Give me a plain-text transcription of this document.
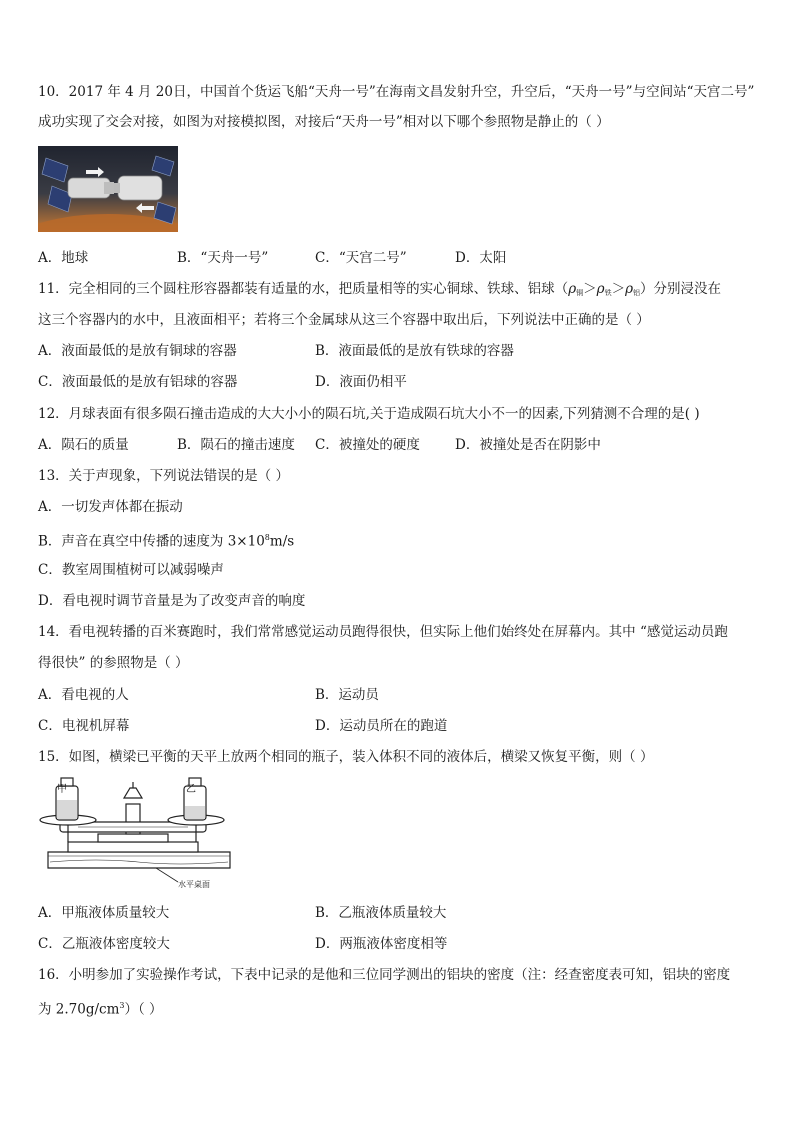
10．2017 年 4 月 20日，中国首个货运飞船“天舟一号”在海南文昌发射升空，升空后，“天舟一号”与空间站“天宫二号”
成功实现了交会对接，如图为对接模拟图，对接后“天舟一号”相对以下哪个参照物是静止的（ ）
A．地球	B．“天舟一号”	C．“天宫二号”	D．太阳
11．完全相同的三个圆柱形容器都装有适量的水，把质量相等的实心铜球、铁球、铝球$(\rho_铜>\rho_铁>\rho_铝)$分别浸没在
这三个容器内的水中，且液面相平；若将三个金属球从这三个容器中取出后，下列说法中正确的是（ ）
A．液面最低的是放有铜球的容器	B．液面最低的是放有铁球的容器
C．液面最低的是放有铝球的容器	D．液面仍相平
12．月球表面有很多陨石撞击造成的大大小小的陨石坑,关于造成陨石坑大小不一的因素,下列猜测不合理的是( )
A．陨石的质量	B．陨石的撞击速度 C．被撞处的硬度	D．被撞处是否在阴影中
13．关于声现象，下列说法错误的是（ ）
A．一切发声体都在振动
B．声音在真空中传播的速度为 $3\times 10^8m/s$
C．教室周围植树可以减弱噪声
D．看电视时调节音量是为了改变声音的响度
14．看电视转播的百米赛跑时，我们常常感觉运动员跑得很快，但实际上他们始终处在屏幕内。其中 “感觉运动员跑
得很快” 的参照物是（ ）
A．看电视的人	B．运动员
C．电视机屏幕	D．运动员所在的跑道
15．如图，横梁已平衡的天平上放两个相同的瓶子，装入体积不同的液体后，横梁又恢复平衡，则（ ）
甲	乙
水平桌面
A．甲瓶液体质量较大	B．乙瓶液体质量较大
C．乙瓶液体密度较大	D．两瓶液体密度相等
16．小明参加了实验操作考试，下表中记录的是他和三位同学测出的铝块的密度（注：经查密度表可知，铝块的密度
为 $2.70g/cm^3$）（ ）
